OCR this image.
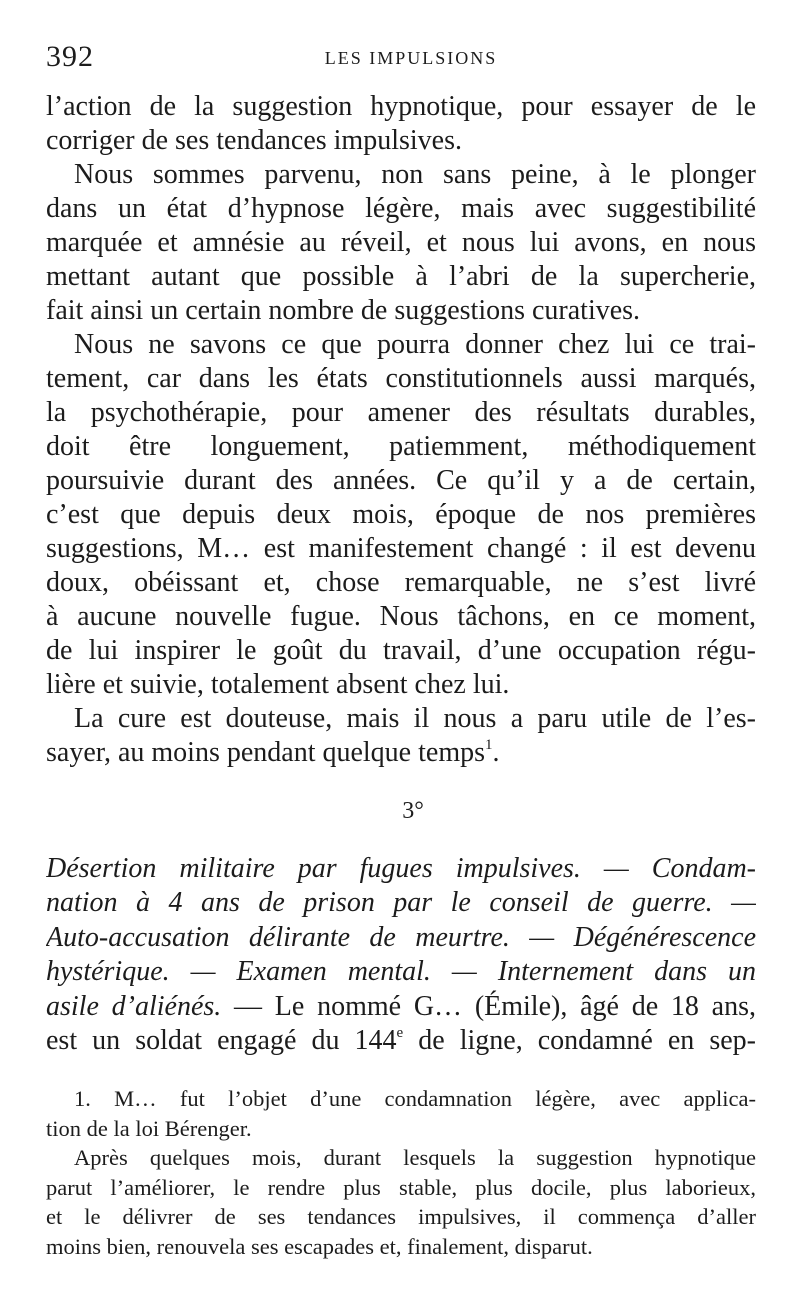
392	LES IMPULSIONS
l’action de la suggestion hypnotique, pour essayer de le
corriger de ses tendances impulsives.
Nous sommes parvenu, non sans peine, à le plonger
dans un état d’hypnose légère, mais avec suggestibilité
marquée et amnésie au réveil, et nous lui avons, en nous
mettant autant que possible à l’abri de la supercherie,
fait ainsi un certain nombre de suggestions curatives.
Nous ne savons ce que pourra donner chez lui ce trai-
tement, car dans les états constitutionnels aussi marqués,
la psychothérapie, pour amener des résultats durables,
doit être longuement, patiemment, méthodiquement
poursuivie durant des années. Ce qu’il y a de certain,
c’est que depuis deux mois, époque de nos premières
suggestions, M… est manifestement changé : il est devenu
doux, obéissant et, chose remarquable, ne s’est livré
à aucune nouvelle fugue. Nous tâchons, en ce moment,
de lui inspirer le goût du travail, d’une occupation régu-
lière et suivie, totalement absent chez lui.
La cure est douteuse, mais il nous a paru utile de l’es-
sayer, au moins pendant quelque temps$^1$.
3°
Désertion militaire par fugues impulsives. — Condam-
nation à 4 ans de prison par le conseil de guerre. —
Auto-accusation délirante de meurtre. — Dégénérescence
hystérique. — Examen mental. — Internement dans un
asile d’aliénés. — Le nommé G… (Émile), âgé de 18 ans,
est un soldat engagé du 144e de ligne, condamné en sep-
1. M… fut l’objet d’une condamnation légère, avec applica-
tion de la loi Bérenger.
Après quelques mois, durant lesquels la suggestion hypnotique
parut l’améliorer, le rendre plus stable, plus docile, plus laborieux,
et le délivrer de ses tendances impulsives, il commença d’aller
moins bien, renouvela ses escapades et, finalement, disparut.
